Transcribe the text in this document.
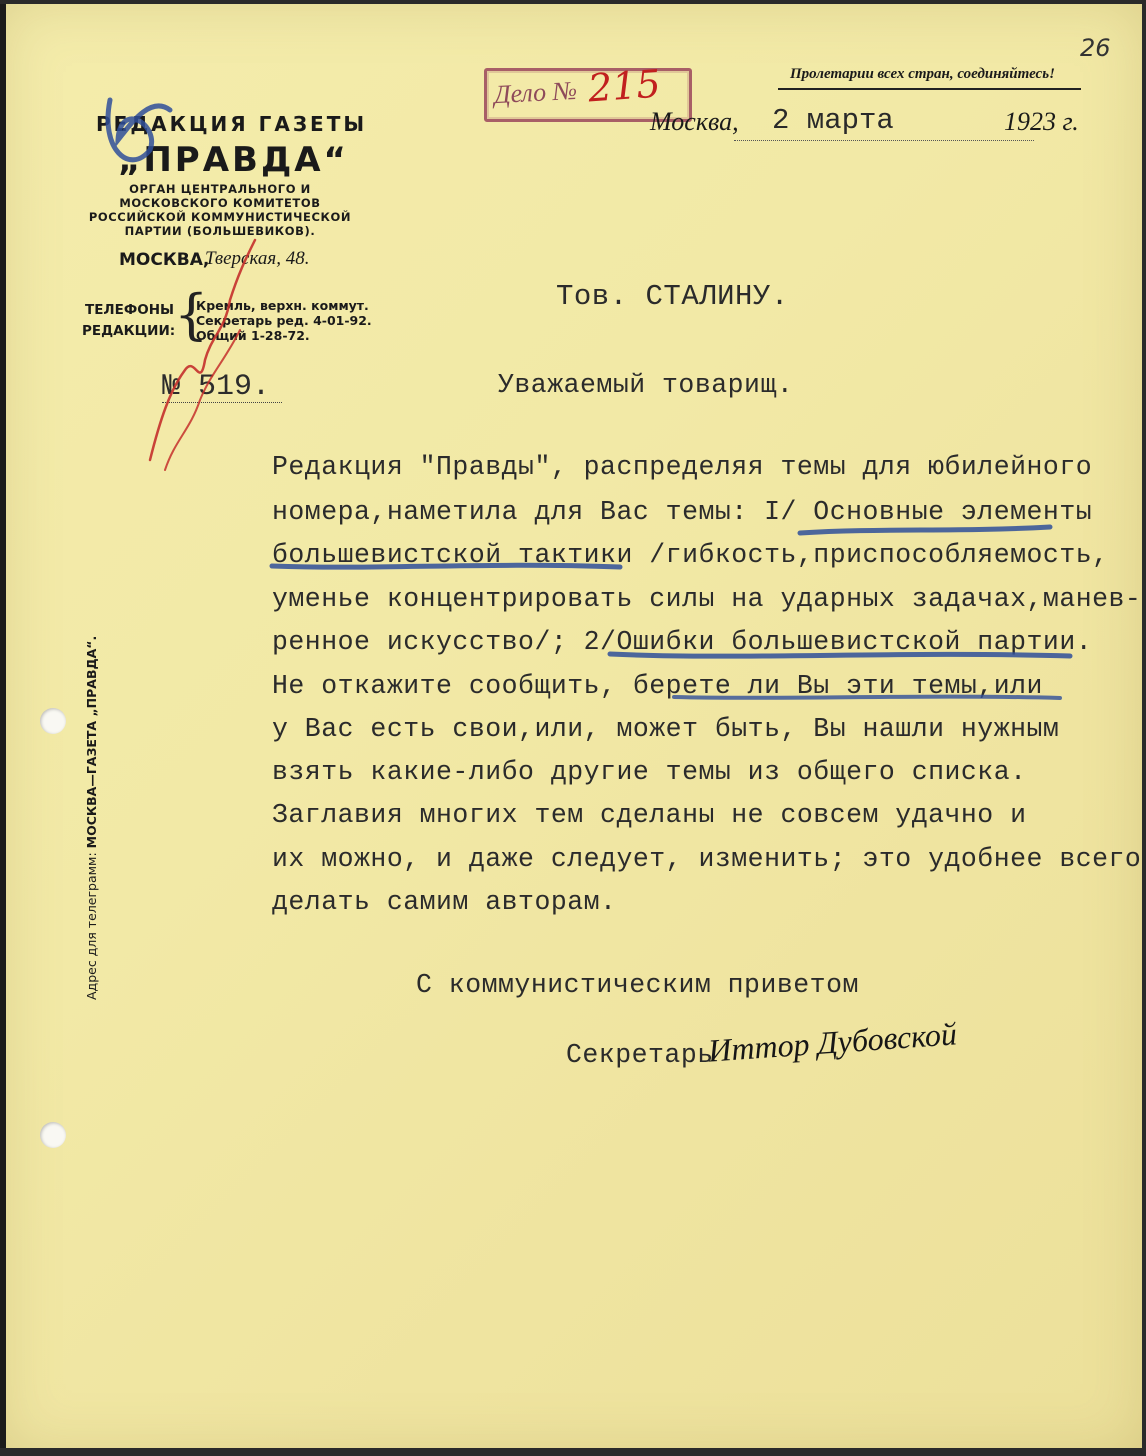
РЕДАКЦИЯ ГАЗЕТЫ
„ПРАВДА“
ОРГАН ЦЕНТРАЛЬНОГО И МОСКОВСКОГО КОМИТЕТОВ РОССИЙСКОЙ КОММУНИСТИЧЕСКОЙ ПАРТИИ (БОЛЬШЕВИКОВ).
МОСКВА,
Тверская, 48.
ТЕЛЕФОНЫ РЕДАКЦИИ:
{
Кремль, верхн. коммут.
Секретарь ред. 4-01-92.
Общий 1-28-72.
№ 519.
Пролетарии всех стран, соединяйтесь!
26
Дело № 215
Москва, 2 марта	1923 г.
Тов. СТАЛИНУ.
Уважаемый товарищ.
Редакция "Правды", распределяя темы для юбилейного
номера,наметила для Вас темы: I/ Основные элементы
большевистской тактики /гибкость,приспособляемость,
уменье концентрировать силы на ударных задачах,манев-
ренное искусство/; 2/Ошибки большевистской партии.
Не откажите сообщить, берете ли Вы эти темы,или
у Вас есть свои,или, может быть, Вы нашли нужным
взять какие-либо другие темы из общего списка.
Заглавия многих тем сделаны не совсем удачно и
их можно, и даже следует, изменить; это удобнее всего
делать самим авторам.
С коммунистическим приветом
Секретарь
Иттор Дубовской
Адрес для телеграмм: МОСКВА—ГАЗЕТА „ПРАВДА“.
